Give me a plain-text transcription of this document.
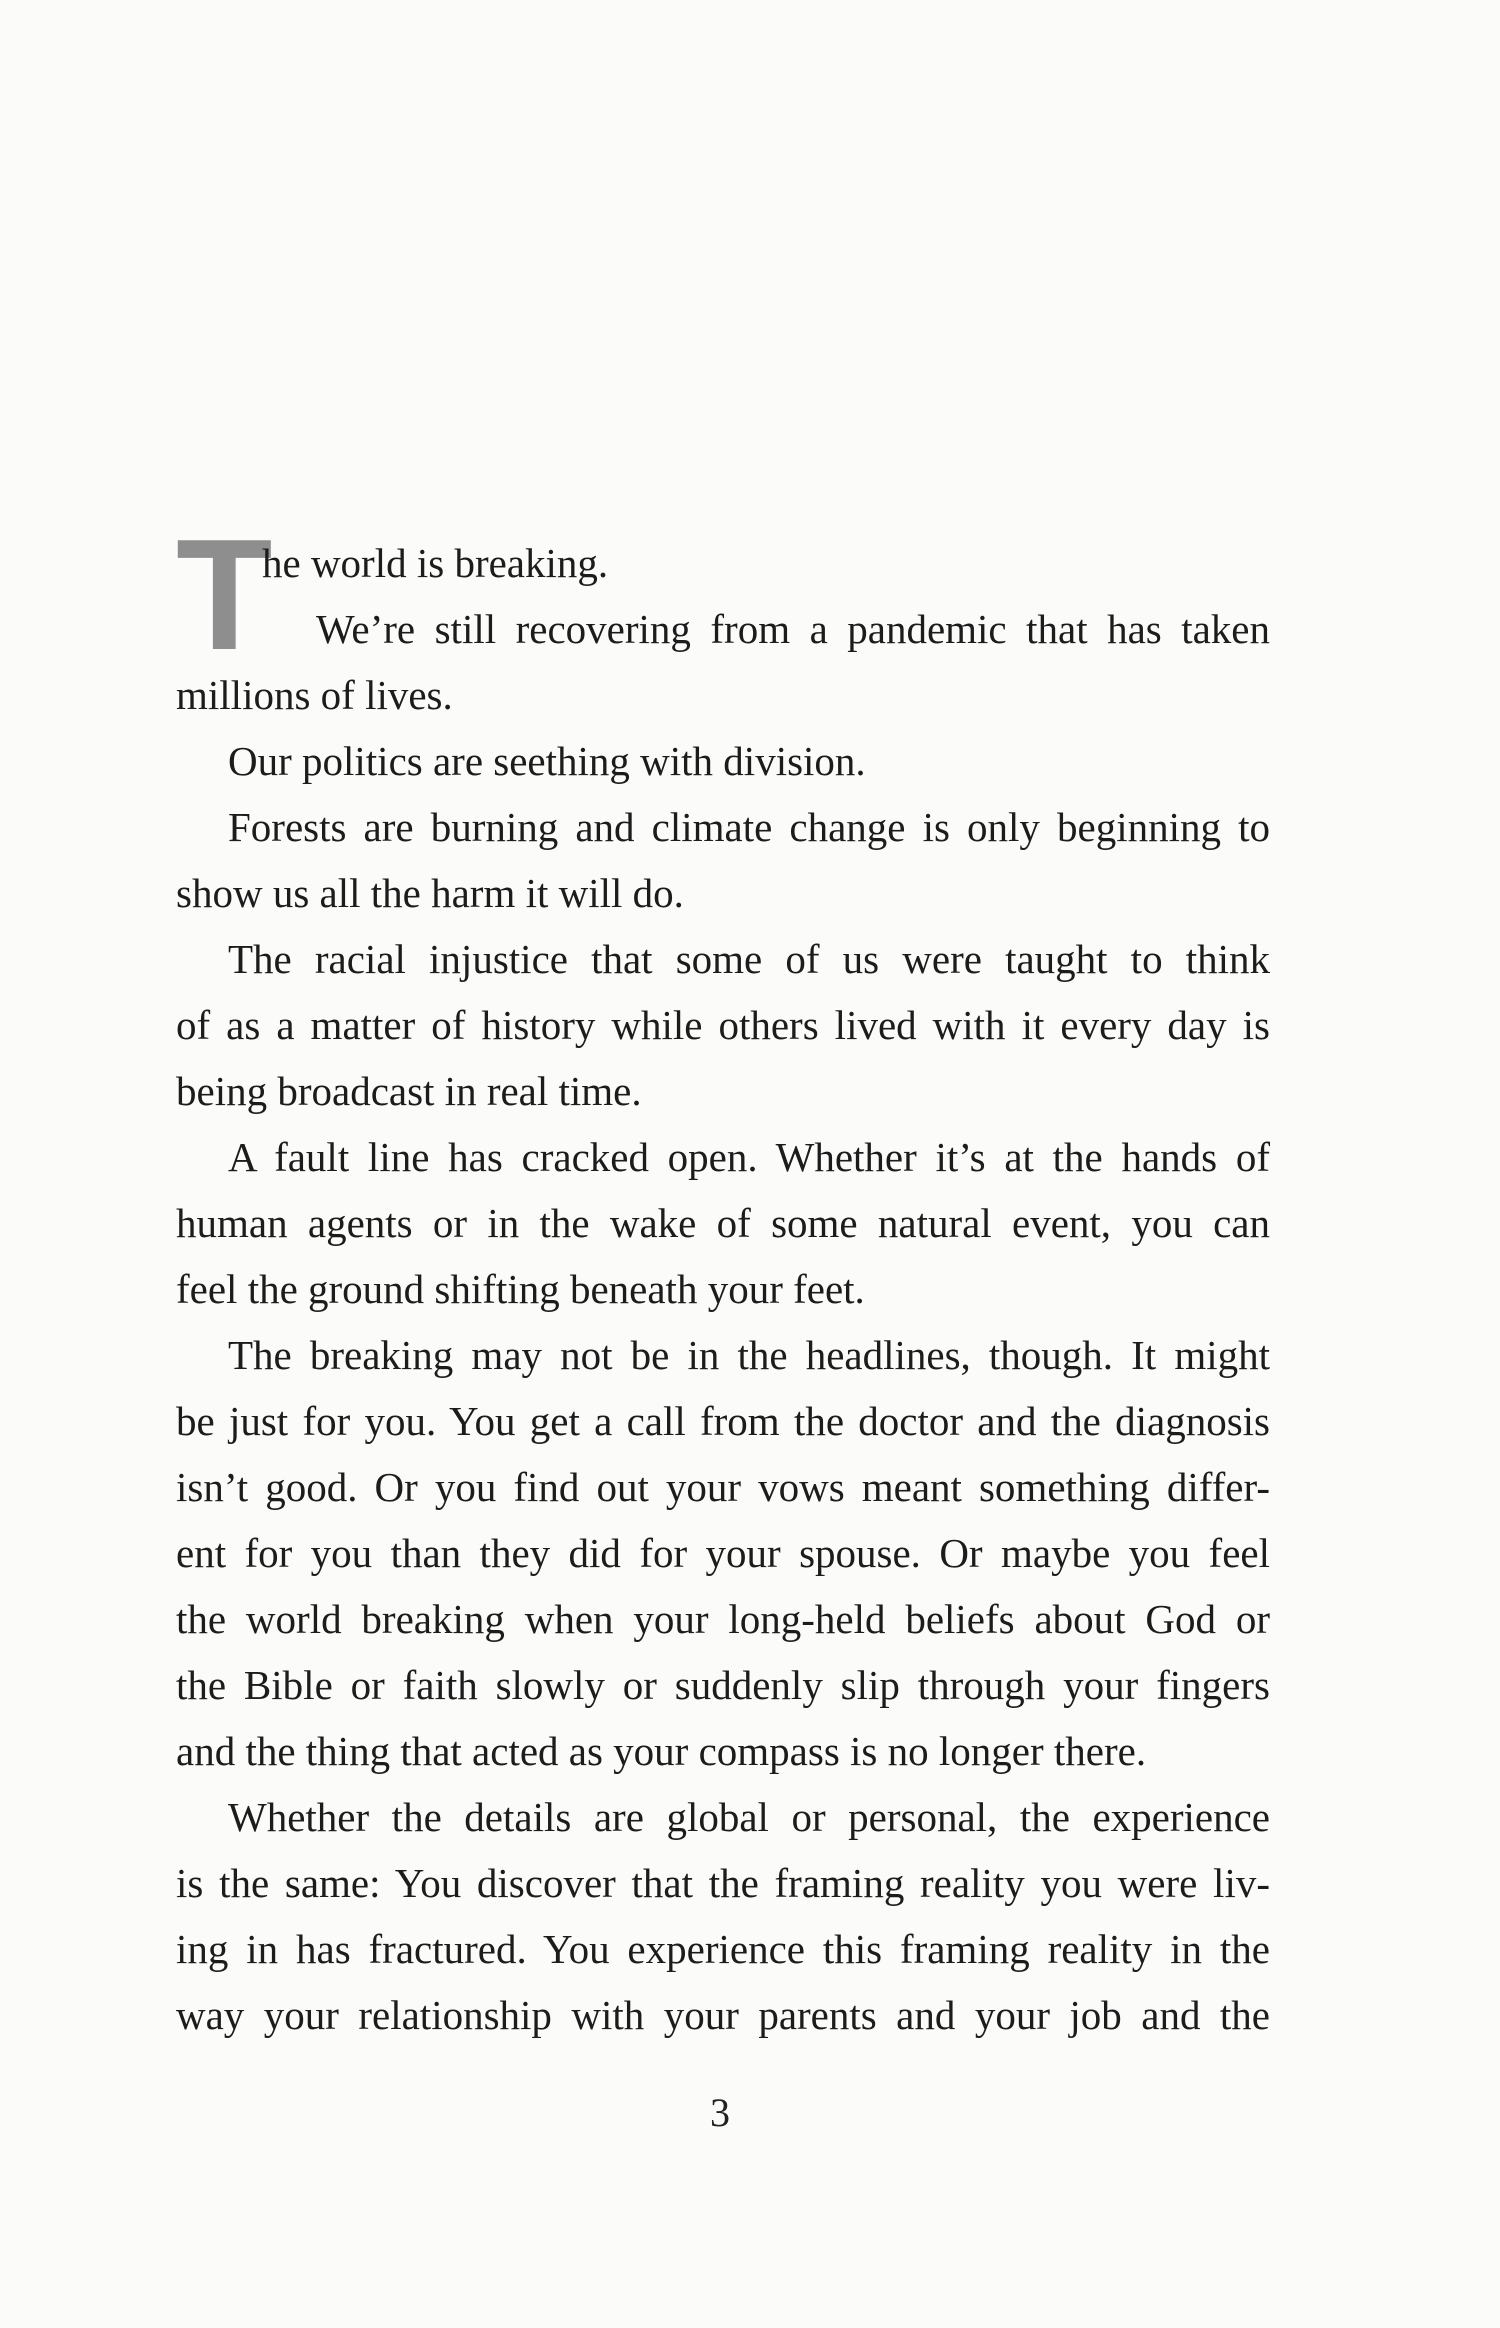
T
he world is breaking.
We’re still recovering from a pandemic that has taken
millions of lives.
Our politics are seething with division.
Forests are burning and climate change is only beginning to
show us all the harm it will do.
The racial injustice that some of us were taught to think
of as a matter of history while others lived with it every day is
being broadcast in real time.
A fault line has cracked open. Whether it’s at the hands of
human agents or in the wake of some natural event, you can
feel the ground shifting beneath your feet.
The breaking may not be in the headlines, though. It might
be just for you. You get a call from the doctor and the diagnosis
isn’t good. Or you find out your vows meant something differ-
ent for you than they did for your spouse. Or maybe you feel
the world breaking when your long-held beliefs about God or
the Bible or faith slowly or suddenly slip through your fingers
and the thing that acted as your compass is no longer there.
Whether the details are global or personal, the experience
is the same: You discover that the framing reality you were liv-
ing in has fractured. You experience this framing reality in the
way your relationship with your parents and your job and the
3
